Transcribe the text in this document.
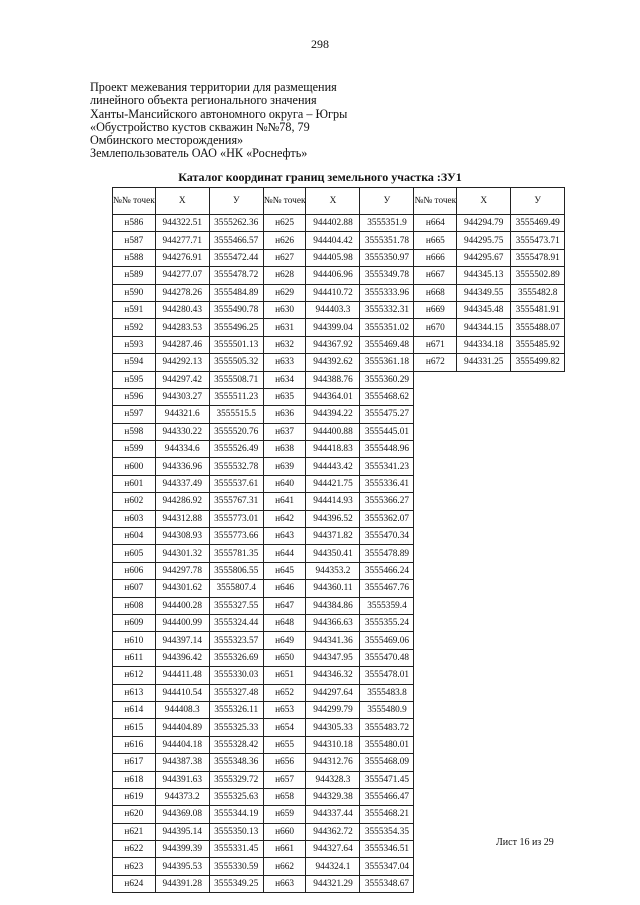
298
Проект межевания территории для размещения
линейного объекта регионального значения
Ханты-Мансийского автономного округа – Югры
«Обустройство кустов скважин №№78, 79
Омбинского месторождения»
Землепользователь ОАО «НК «Роснефть»
Каталог координат границ земельного участка :ЗУ1
№№ точек	X	У	№№ точек	X	У	№№ точек	X	У
н586	944322.51	3555262.36	н625	944402.88	3555351.9	н664	944294.79	3555469.49
н587	944277.71	3555466.57	н626	944404.42	3555351.78	н665	944295.75	3555473.71
н588	944276.91	3555472.44	н627	944405.98	3555350.97	н666	944295.67	3555478.91
н589	944277.07	3555478.72	н628	944406.96	3555349.78	н667	944345.13	3555502.89
н590	944278.26	3555484.89	н629	944410.72	3555333.96	н668	944349.55	3555482.8
н591	944280.43	3555490.78	н630	944403.3	3555332.31	н669	944345.48	3555481.91
н592	944283.53	3555496.25	н631	944399.04	3555351.02	н670	944344.15	3555488.07
н593	944287.46	3555501.13	н632	944367.92	3555469.48	н671	944334.18	3555485.92
н594	944292.13	3555505.32	н633	944392.62	3555361.18	н672	944331.25	3555499.82
н595	944297.42	3555508.71	н634	944388.76	3555360.29			
н596	944303.27	3555511.23	н635	944364.01	3555468.62			
н597	944321.6	3555515.5	н636	944394.22	3555475.27			
н598	944330.22	3555520.76	н637	944400.88	3555445.01			
н599	944334.6	3555526.49	н638	944418.83	3555448.96			
н600	944336.96	3555532.78	н639	944443.42	3555341.23			
н601	944337.49	3555537.61	н640	944421.75	3555336.41			
н602	944286.92	3555767.31	н641	944414.93	3555366.27			
н603	944312.88	3555773.01	н642	944396.52	3555362.07			
н604	944308.93	3555773.66	н643	944371.82	3555470.34			
н605	944301.32	3555781.35	н644	944350.41	3555478.89			
н606	944297.78	3555806.55	н645	944353.2	3555466.24			
н607	944301.62	3555807.4	н646	944360.11	3555467.76			
н608	944400.28	3555327.55	н647	944384.86	3555359.4			
н609	944400.99	3555324.44	н648	944366.63	3555355.24			
н610	944397.14	3555323.57	н649	944341.36	3555469.06			
н611	944396.42	3555326.69	н650	944347.95	3555470.48			
н612	944411.48	3555330.03	н651	944346.32	3555478.01			
н613	944410.54	3555327.48	н652	944297.64	3555483.8			
н614	944408.3	3555326.11	н653	944299.79	3555480.9			
н615	944404.89	3555325.33	н654	944305.33	3555483.72			
н616	944404.18	3555328.42	н655	944310.18	3555480.01			
н617	944387.38	3555348.36	н656	944312.76	3555468.09			
н618	944391.63	3555329.72	н657	944328.3	3555471.45			
н619	944373.2	3555325.63	н658	944329.38	3555466.47			
н620	944369.08	3555344.19	н659	944337.44	3555468.21			
н621	944395.14	3555350.13	н660	944362.72	3555354.35			
н622	944399.39	3555331.45	н661	944327.64	3555346.51			
н623	944395.53	3555330.59	н662	944324.1	3555347.04			
н624	944391.28	3555349.25	н663	944321.29	3555348.67			
Лист 16 из 29
